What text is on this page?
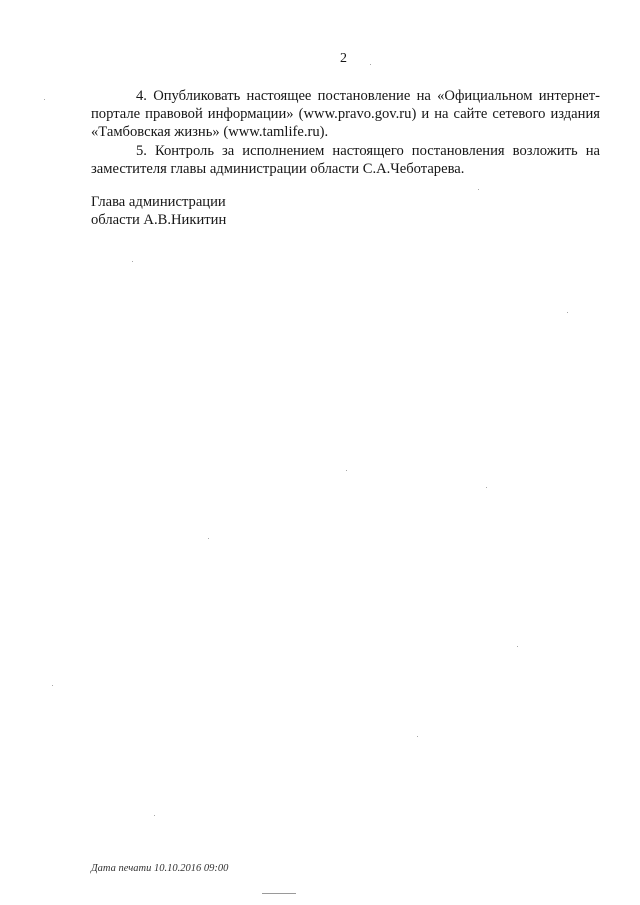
2

4. Опубликовать настоящее постановление на «Официальном интернет-портале правовой информации» (www.pravo.gov.ru) и на сайте сетевого издания «Тамбовская жизнь» (www.tamlife.ru).

5. Контроль за исполнением настоящего постановления возложить на заместителя главы администрации области С.А.Чеботарева.

Глава администрации
области А.В.Никитин
Дата печати 10.10.2016 09:00
